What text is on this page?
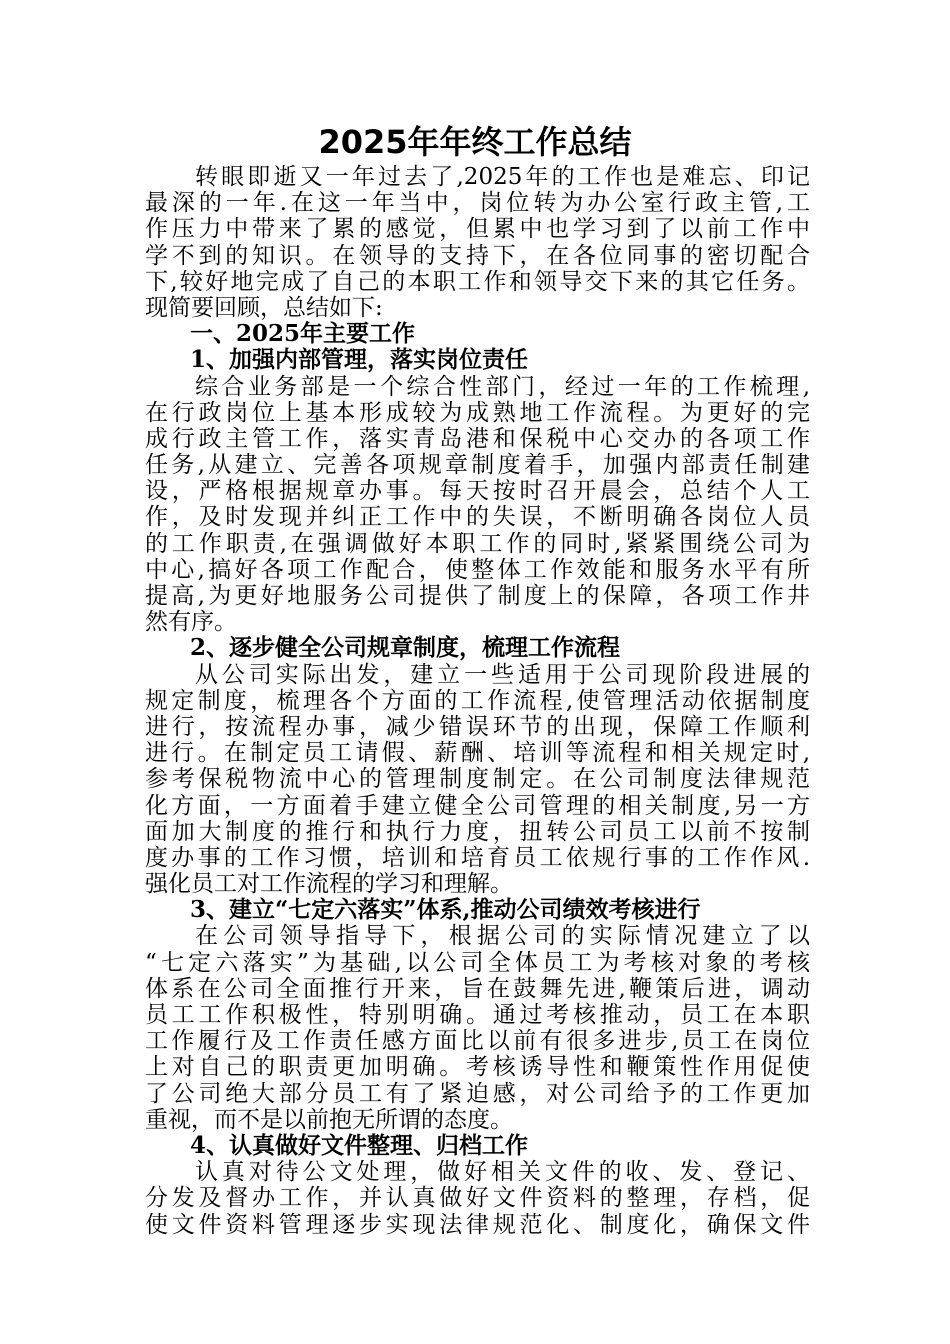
2025年年终工作总结
转眼即逝又一年过去了,2025年的工作也是难忘、印记
最深的一年.在这一年当中，岗位转为办公室行政主管,工
作压力中带来了累的感觉，但累中也学习到了以前工作中
学不到的知识。在领导的支持下，在各位同事的密切配合
下,较好地完成了自己的本职工作和领导交下来的其它任务。
现简要回顾，总结如下:
一、2025年主要工作
1、加强内部管理，落实岗位责任
综合业务部是一个综合性部门，经过一年的工作梳理,
在行政岗位上基本形成较为成熟地工作流程。为更好的完
成行政主管工作，落实青岛港和保税中心交办的各项工作
任务,从建立、完善各项规章制度着手，加强内部责任制建
设，严格根据规章办事。每天按时召开晨会，总结个人工
作，及时发现并纠正工作中的失误，不断明确各岗位人员
的工作职责,在强调做好本职工作的同时,紧紧围绕公司为
中心,搞好各项工作配合，使整体工作效能和服务水平有所
提高,为更好地服务公司提供了制度上的保障，各项工作井
然有序。
2、逐步健全公司规章制度，梳理工作流程
从公司实际出发，建立一些适用于公司现阶段进展的
规定制度，梳理各个方面的工作流程,使管理活动依据制度
进行，按流程办事，减少错误环节的出现，保障工作顺利
进行。在制定员工请假、薪酬、培训等流程和相关规定时,
参考保税物流中心的管理制度制定。在公司制度法律规范
化方面，一方面着手建立健全公司管理的相关制度,另一方
面加大制度的推行和执行力度，扭转公司员工以前不按制
度办事的工作习惯，培训和培育员工依规行事的工作作风.
强化员工对工作流程的学习和理解。
3、建立“七定六落实”体系,推动公司绩效考核进行
在公司领导指导下，根据公司的实际情况建立了以
“七定六落实”为基础,以公司全体员工为考核对象的考核
体系在公司全面推行开来，旨在鼓舞先进,鞭策后进，调动
员工工作积极性，特别明确。通过考核推动，员工在本职
工作履行及工作责任感方面比以前有很多进步,员工在岗位
上对自己的职责更加明确。考核诱导性和鞭策性作用促使
了公司绝大部分员工有了紧迫感，对公司给予的工作更加
重视，而不是以前抱无所谓的态度。
4、认真做好文件整理、归档工作
认真对待公文处理，做好相关文件的收、发、登记、
分发及督办工作，并认真做好文件资料的整理，存档，促
使文件资料管理逐步实现法律规范化、制度化，确保文件
